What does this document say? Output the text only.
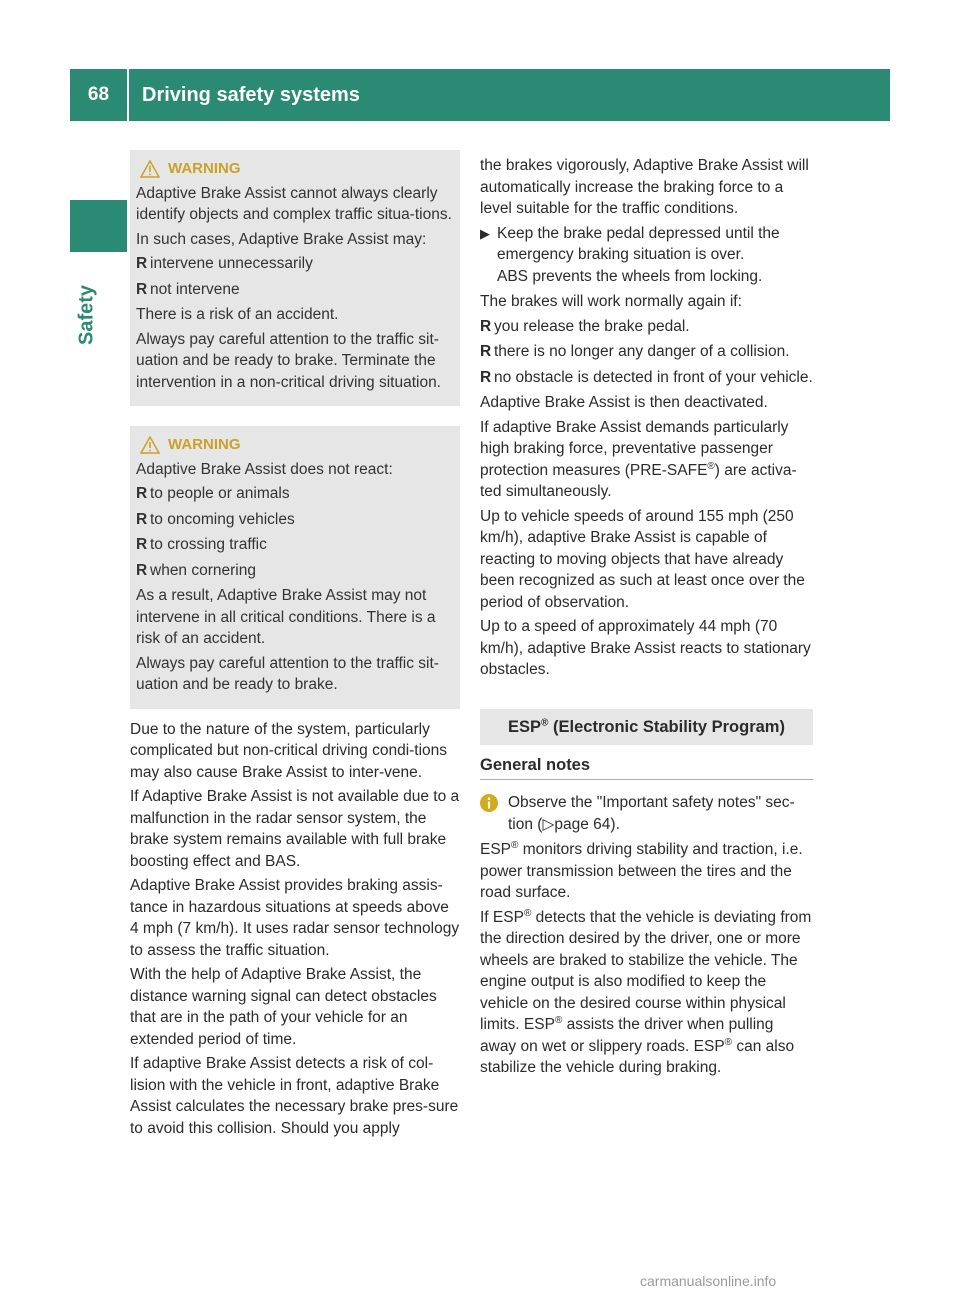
68	Driving safety systems
Safety
WARNING
Adaptive Brake Assist cannot always clearly identify objects and complex traffic situa-tions.
In such cases, Adaptive Brake Assist may:
R intervene unnecessarily
R not intervene
There is a risk of an accident.
Always pay careful attention to the traffic sit-uation and be ready to brake. Terminate the intervention in a non-critical driving situation.
WARNING
Adaptive Brake Assist does not react:
R to people or animals
R to oncoming vehicles
R to crossing traffic
R when cornering
As a result, Adaptive Brake Assist may not intervene in all critical conditions. There is a risk of an accident.
Always pay careful attention to the traffic sit-uation and be ready to brake.
Due to the nature of the system, particularly complicated but non-critical driving condi-tions may also cause Brake Assist to inter-vene.
If Adaptive Brake Assist is not available due to a malfunction in the radar sensor system, the brake system remains available with full brake boosting effect and BAS.
Adaptive Brake Assist provides braking assis-tance in hazardous situations at speeds above 4 mph (7 km/h). It uses radar sensor technology to assess the traffic situation.
With the help of Adaptive Brake Assist, the distance warning signal can detect obstacles that are in the path of your vehicle for an extended period of time.
If adaptive Brake Assist detects a risk of col-lision with the vehicle in front, adaptive Brake Assist calculates the necessary brake pres-sure to avoid this collision. Should you apply
the brakes vigorously, Adaptive Brake Assist will automatically increase the braking force to a level suitable for the traffic conditions.
▶ Keep the brake pedal depressed until the emergency braking situation is over.
ABS prevents the wheels from locking.
The brakes will work normally again if:
R you release the brake pedal.
R there is no longer any danger of a collision.
R no obstacle is detected in front of your vehicle.
Adaptive Brake Assist is then deactivated.
If adaptive Brake Assist demands particularly high braking force, preventative passenger protection measures (PRE-SAFE®) are activa-ted simultaneously.
Up to vehicle speeds of around 155 mph (250 km/h), adaptive Brake Assist is capable of reacting to moving objects that have already been recognized as such at least once over the period of observation.
Up to a speed of approximately 44 mph (70 km/h), adaptive Brake Assist reacts to stationary obstacles.
ESP® (Electronic Stability Program)
General notes
Observe the "Important safety notes" sec-tion (▷page 64).
ESP® monitors driving stability and traction, i.e. power transmission between the tires and the road surface.
If ESP® detects that the vehicle is deviating from the direction desired by the driver, one or more wheels are braked to stabilize the vehicle. The engine output is also modified to keep the vehicle on the desired course within physical limits. ESP® assists the driver when pulling away on wet or slippery roads. ESP® can also stabilize the vehicle during braking.
carmanualsonline.info
